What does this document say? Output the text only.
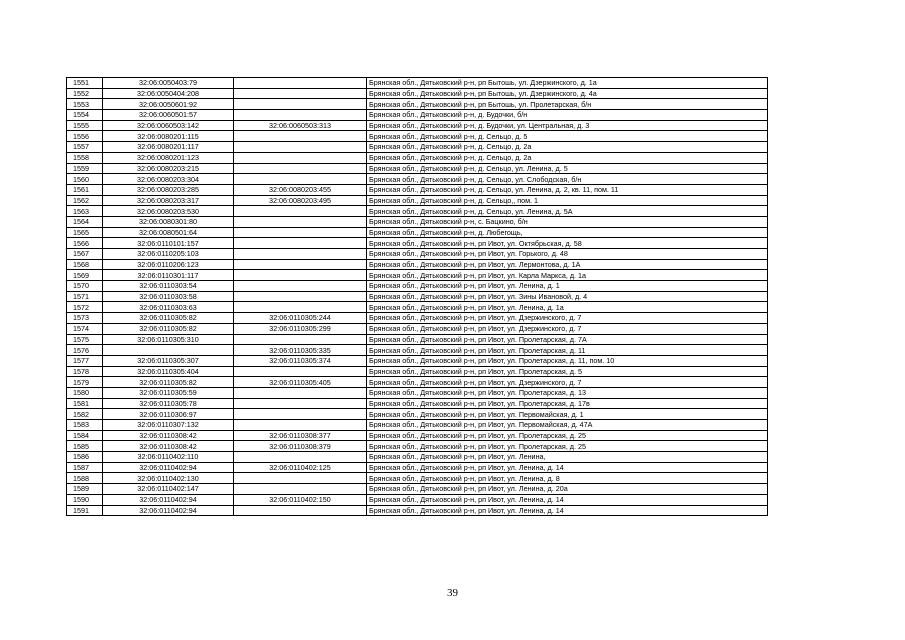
1551	32:06:0050403:79		Брянская обл., Дятьковский р-н, рп Бытошь, ул. Дзержинского, д. 1а
1552	32:06:0050404:208		Брянская обл., Дятьковский р-н, рп Бытошь, ул. Дзержинского, д. 4а
1553	32:06:0050601:92		Брянская обл., Дятьковский р-н, рп Бытошь, ул. Пролетарская, б/н
1554	32:06:0060501:57		Брянская обл., Дятьковский р-н, д. Будочки, б/н
1555	32:06:0060503:142	32:06:0060503:313	Брянская обл., Дятьковский р-н, д. Будочки, ул. Центральная, д. 3
1556	32:06:0080201:115		Брянская обл., Дятьковский р-н, д. Сельцо, д. 5
1557	32:06:0080201:117		Брянская обл., Дятьковский р-н, д. Сельцо, д. 2а
1558	32:06:0080201:123		Брянская обл., Дятьковский р-н, д. Сельцо, д. 2а
1559	32:06:0080203:215		Брянская обл., Дятьковский р-н, д. Сельцо, ул. Ленина, д. 5
1560	32:06:0080203:304		Брянская обл., Дятьковский р-н, д. Сельцо, ул. Слободская, б/н
1561	32:06:0080203:285	32:06:0080203:455	Брянская обл., Дятьковский р-н, д. Сельцо, ул. Ленина, д. 2, кв. 11, пом. 11
1562	32:06:0080203:317	32:06:0080203:495	Брянская обл., Дятьковский р-н, д. Сельцо,, пом. 1
1563	32:06:0080203:530		Брянская обл., Дятьковский р-н, д. Сельцо, ул. Ленина, д. 5А
1564	32:06:0080301:80		Брянская обл., Дятьковский р-н, с. Бацкино, б/н
1565	32:06:0080501:64		Брянская обл., Дятьковский р-н, д. Любегощь,
1566	32:06:0110101:157		Брянская обл., Дятьковский р-н, рп Ивот, ул. Октябрьская, д. 58
1567	32:06:0110205:103		Брянская обл., Дятьковский р-н, рп Ивот, ул. Горького, д. 48
1568	32:06:0110206:123		Брянская обл., Дятьковский р-н, рп Ивот, ул. Лермонтова, д. 1А
1569	32:06:0110301:117		Брянская обл., Дятьковский р-н, рп Ивот, ул. Карла Маркса, д. 1а
1570	32:06:0110303:54		Брянская обл., Дятьковский р-н, рп Ивот, ул. Ленина, д. 1
1571	32:06:0110303:58		Брянская обл., Дятьковский р-н, рп Ивот, ул. Зины Ивановой, д. 4
1572	32:06:0110303:63		Брянская обл., Дятьковский р-н, рп Ивот, ул. Ленина, д. 1а
1573	32:06:0110305:82	32:06:0110305:244	Брянская обл., Дятьковский р-н, рп Ивот, ул. Дзержинского, д. 7
1574	32:06:0110305:82	32:06:0110305:299	Брянская обл., Дятьковский р-н, рп Ивот, ул. Дзержинского, д. 7
1575	32:06:0110305:310		Брянская обл., Дятьковский р-н, рп Ивот, ул. Пролетарская, д. 7А
1576		32:06:0110305:335	Брянская обл., Дятьковский р-н, рп Ивот, ул. Пролетарская, д. 11
1577	32:06:0110305:307	32:06:0110305:374	Брянская обл., Дятьковский р-н, рп Ивот, ул. Пролетарская, д. 11, пом. 10
1578	32:06:0110305:404		Брянская обл., Дятьковский р-н, рп Ивот, ул. Пролетарская, д. 5
1579	32:06:0110305:82	32:06:0110305:405	Брянская обл., Дятьковский р-н, рп Ивот, ул. Дзержинского, д. 7
1580	32:06:0110305:59		Брянская обл., Дятьковский р-н, рп Ивот, ул. Пролетарская, д. 13
1581	32:06:0110305:78		Брянская обл., Дятьковский р-н, рп Ивот, ул. Пролетарская, д. 17в
1582	32:06:0110306:97		Брянская обл., Дятьковский р-н, рп Ивот, ул. Первомайская, д. 1
1583	32:06:0110307:132		Брянская обл., Дятьковский р-н, рп Ивот, ул. Первомайская, д. 47А
1584	32:06:0110308:42	32:06:0110308:377	Брянская обл., Дятьковский р-н, рп Ивот, ул. Пролетарская, д. 25
1585	32:06:0110308:42	32:06:0110308:379	Брянская обл., Дятьковский р-н, рп Ивот, ул. Пролетарская, д. 25
1586	32:06:0110402:110		Брянская обл., Дятьковский р-н, рп Ивот, ул. Ленина,
1587	32:06:0110402:94	32:06:0110402:125	Брянская обл., Дятьковский р-н, рп Ивот, ул. Ленина, д. 14
1588	32:06:0110402:130		Брянская обл., Дятьковский р-н, рп Ивот, ул. Ленина, д. 8
1589	32:06:0110402:147		Брянская обл., Дятьковский р-н, рп Ивот, ул. Ленина, д. 20а
1590	32:06:0110402:94	32:06:0110402:150	Брянская обл., Дятьковский р-н, рп Ивот, ул. Ленина, д. 14
1591	32:06:0110402:94		Брянская обл., Дятьковский р-н, рп Ивот, ул. Ленина, д. 14
39
